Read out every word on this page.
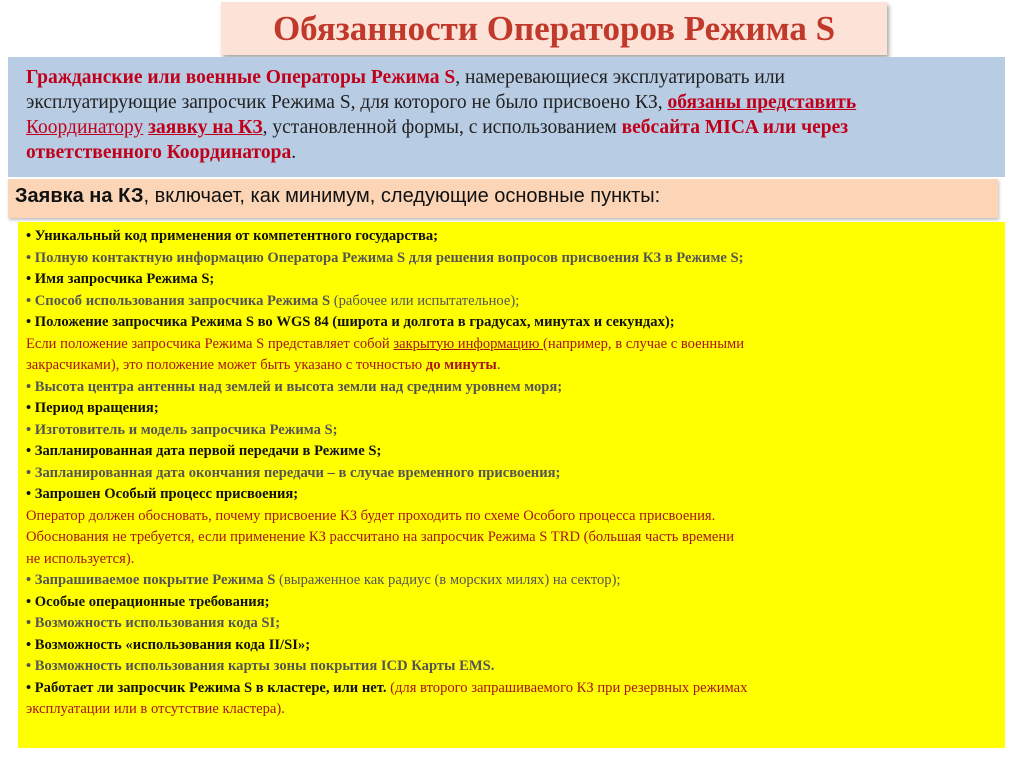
Обязанности Операторов Режима S
Гражданские или военные Операторы Режима S, намеревающиеся эксплуатировать или
эксплуатирующие запросчик Режима S, для которого не было присвоено КЗ, обязаны представить
Координатору заявку на КЗ, установленной формы, с использованием вебсайта MICA или через
ответственного Координатора.
Заявка на КЗ, включает, как минимум, следующие основные пункты:
• Уникальный код применения от компетентного государства;
• Полную контактную информацию Оператора Режима S для решения вопросов присвоения КЗ в Режиме S;
• Имя запросчика Режима S;
• Способ использования запросчика Режима S (рабочее или испытательное);
• Положение запросчика Режима S во WGS 84 (широта и долгота в градусах, минутах и секундах);
Если положение запросчика Режима S представляет собой закрытую информацию (например, в случае с военными
закрасчиками), это положение может быть указано с точностью до минуты.
• Высота центра антенны над землей и высота земли над средним уровнем моря;
• Период вращения;
• Изготовитель и модель запросчика Режима S;
• Запланированная дата первой передачи в Режиме S;
• Запланированная дата окончания передачи – в случае временного присвоения;
• Запрошен Особый процесс присвоения;
Оператор должен обосновать, почему присвоение КЗ будет проходить по схеме Особого процесса присвоения.
Обоснования не требуется, если применение КЗ рассчитано на запросчик Режима S TRD (большая часть времени
не используется).
• Запрашиваемое покрытие Режима S (выраженное как радиус (в морских милях) на сектор);
• Особые операционные требования;
• Возможность использования кода SI;
• Возможность «использования кода II/SI»;
• Возможность использования карты зоны покрытия ICD Карты EMS.
• Работает ли запросчик Режима S в кластере, или нет. (для второго запрашиваемого КЗ при резервных режимах
эксплуатации или в отсутствие кластера).
